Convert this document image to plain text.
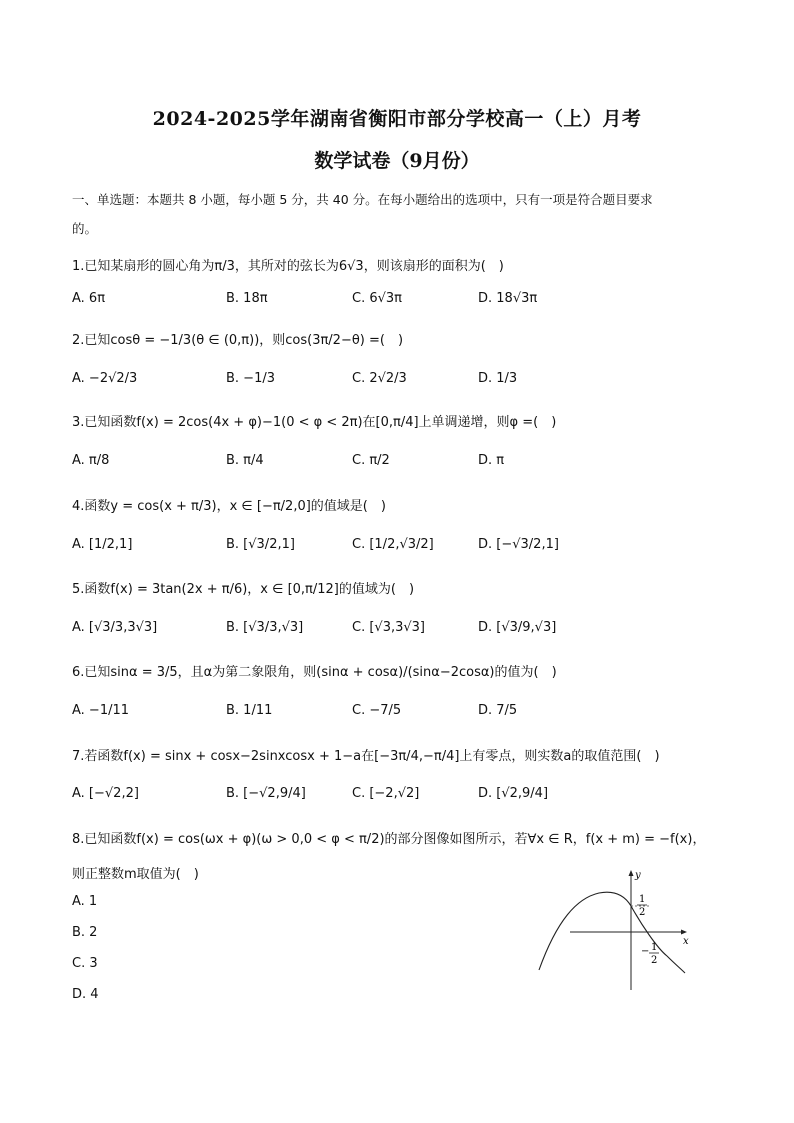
2024-2025学年湖南省衡阳市部分学校高一（上）月考
数学试卷（9月份）
一、单选题：本题共 8 小题，每小题 5 分，共 40 分。在每小题给出的选项中，只有一项是符合题目要求
的。
1.已知某扇形的圆心角为π/3，其所对的弦长为6√3，则该扇形的面积为(　)
A. 6π	B. 18π	C. 6√3π	D. 18√3π
2.已知cosθ = −1/3(θ ∈ (0,π))，则cos(3π/2−θ) =(　)
A. −2√2/3	B. −1/3	C. 2√2/3	D. 1/3
3.已知函数f(x) = 2cos(4x + φ)−1(0 < φ < 2π)在[0,π/4]上单调递增，则φ =(　)
A. π/8	B. π/4	C. π/2	D. π
4.函数y = cos(x + π/3)，x ∈ [−π/2,0]的值域是(　)
A. [1/2,1]	B. [√3/2,1]	C. [1/2,√3/2]	D. [−√3/2,1]
5.函数f(x) = 3tan(2x + π/6)，x ∈ [0,π/12]的值域为(　)
A. [√3/3,3√3]	B. [√3/3,√3]	C. [√3,3√3]	D. [√3/9,√3]
6.已知sinα = 3/5，且α为第二象限角，则(sinα + cosα)/(sinα−2cosα)的值为(　)
A. −1/11	B. 1/11	C. −7/5	D. 7/5
7.若函数f(x) = sinx + cosx−2sinxcosx + 1−a在[−3π/4,−π/4]上有零点，则实数a的取值范围(　)
A. [−√2,2]	B. [−√2,9/4]	C. [−2,√2]	D. [√2,9/4]
8.已知函数f(x) = cos(ωx + φ)(ω > 0,0 < φ < π/2)的部分图像如图所示，若∀x ∈ R，f(x + m) = −f(x)，
则正整数m取值为(　)
A. 1
B. 2
C. 3
D. 4
x
y
1
2
− 1
2
